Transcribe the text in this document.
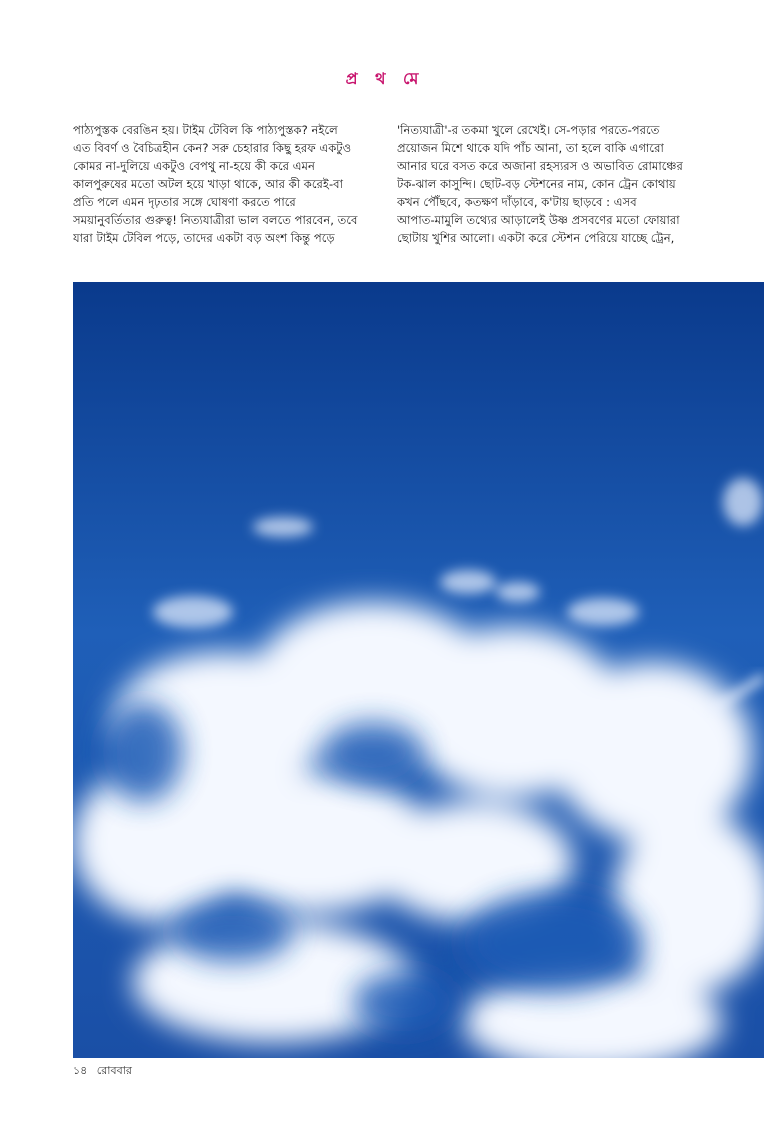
প্র থ মে
পাঠ্যপুস্তক বেরঙিন হয়। টাইম টেবিল কি পাঠ্যপুস্তক? নইলে
এত বিবর্ণ ও বৈচিত্রহীন কেন? সরু চেহারার কিছু হরফ একটুও
কোমর না-দুলিয়ে একটুও বেপথু না-হয়ে কী করে এমন
কালপুরুষের মতো অটল হয়ে খাড়া থাকে, আর কী করেই-বা
প্রতি পলে এমন দৃঢ়তার সঙ্গে ঘোষণা করতে পারে
সময়ানুবর্তিতার গুরুত্ব! নিত্যযাত্রীরা ভাল বলতে পারবেন, তবে
যারা টাইম টেবিল পড়ে, তাদের একটা বড় অংশ কিন্তু পড়ে
'নিত্যযাত্রী'-র তকমা খুলে রেখেই। সে-পড়ার পরতে-পরতে
প্রয়োজন মিশে থাকে যদি পাঁচ আনা, তা হলে বাকি এগারো
আনার ঘরে বসত করে অজানা রহস্যরস ও অভাবিত রোমাঞ্চের
টক-ঝাল কাসুন্দি। ছোট-বড় স্টেশনের নাম, কোন ট্রেন কোথায়
কখন পৌঁছবে, কতক্ষণ দাঁড়াবে, ক'টায় ছাড়বে : এসব
আপাত-মামুলি তথ্যের আড়ালেই উষ্ণ প্রসবণের মতো ফোয়ারা
ছোটায় খুশির আলো। একটা করে স্টেশন পেরিয়ে যাচ্ছে ট্রেন,
১৪ রোববার
